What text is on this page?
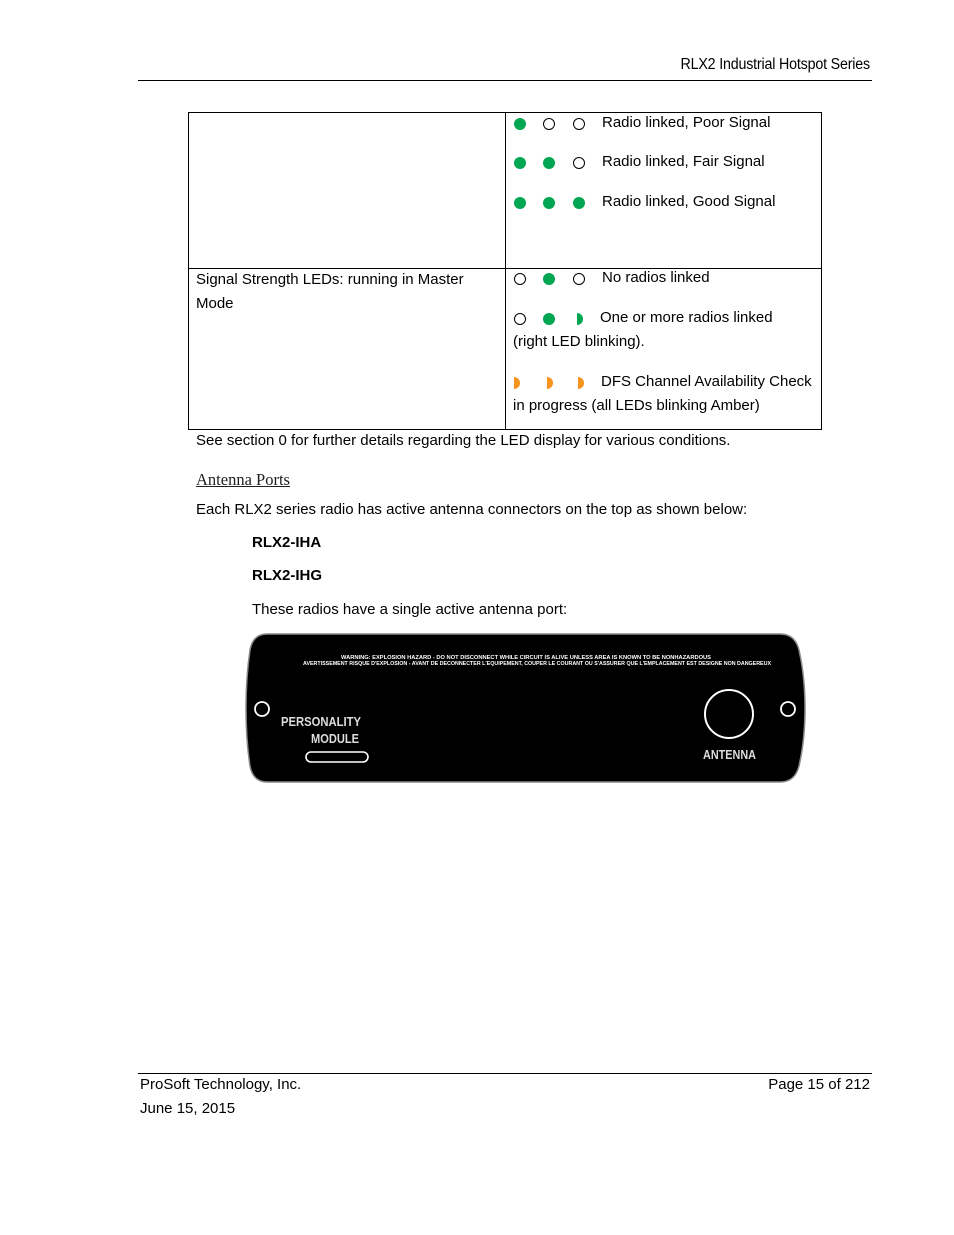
RLX2 Industrial Hotspot Series
Radio linked, Poor Signal
Radio linked, Fair Signal
Radio linked, Good Signal
Signal Strength LEDs: running in Master
Mode
No radios linked
One or more radios linked
(right LED blinking).
DFS Channel Availability Check
in progress (all LEDs blinking Amber)
See section 0 for further details regarding the LED display for various conditions.
Antenna Ports
Each RLX2 series radio has active antenna connectors on the top as shown below:
RLX2-IHA
RLX2-IHG
These radios have a single active antenna port:
WARNING: EXPLOSION HAZARD - DO NOT DISCONNECT WHILE CIRCUIT IS ALIVE UNLESS AREA IS KNOWN TO BE NONHAZARDOUS
AVERTISSEMENT RISQUE D'EXPLOSION - AVANT DE DECONNECTER L'EQUIPEMENT, COUPER LE COURANT OU S'ASSURER QUE L'EMPLACEMENT EST DESIGNE NON DANGEREUX
PERSONALITY
MODULE
ANTENNA
ProSoft Technology, Inc.
June 15, 2015
Page 15 of 212
